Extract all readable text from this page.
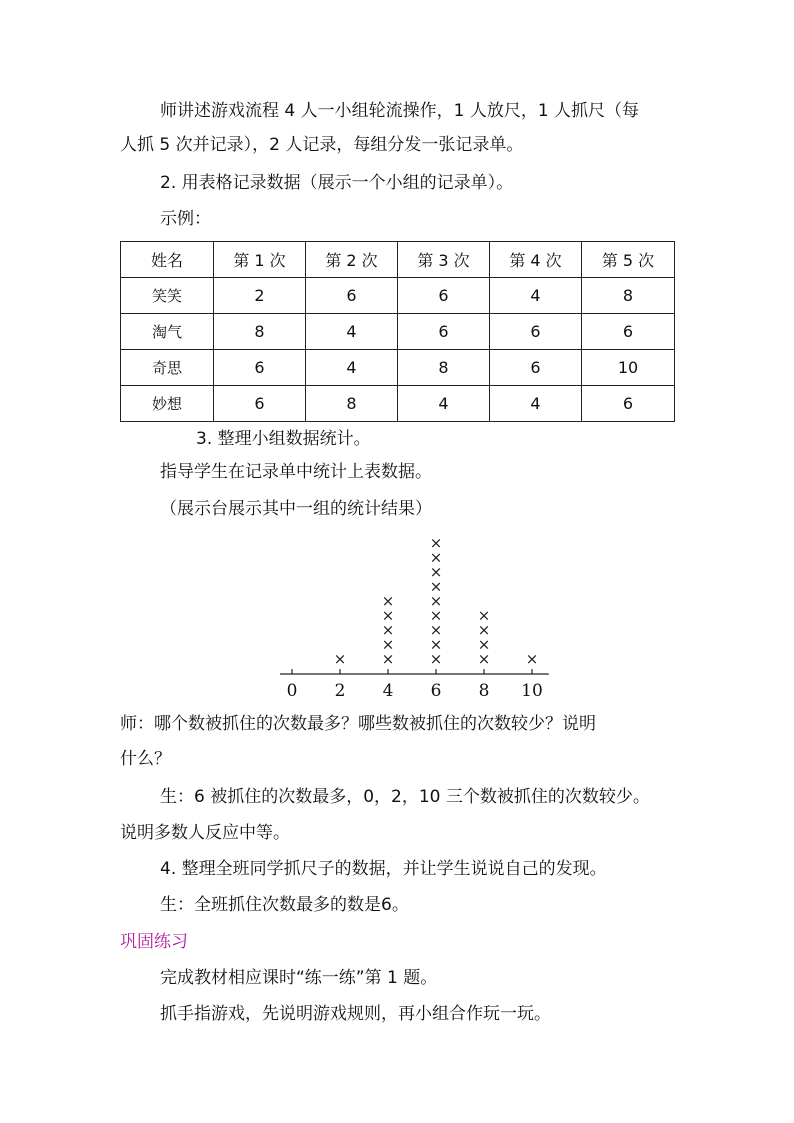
师讲述游戏流程 4 人一小组轮流操作，1 人放尺，1 人抓尺（每
人抓 5 次并记录），2 人记录，每组分发一张记录单。
2. 用表格记录数据（展示一个小组的记录单）。
示例：
姓名	第 1 次	第 2 次	第 3 次	第 4 次	第 5 次
笑笑	2	6	6	4	8
淘气	8	4	6	6	6
奇思	6	4	8	6	10
妙想	6	8	4	4	6
3. 整理小组数据统计。
指导学生在记录单中统计上表数据。
（展示台展示其中一组的统计结果）
0 2
×
4
×
×
×
×
×
6
×
×
×
×
×
×
×
×
×
8
×
×
×
×
10
×
师：哪个数被抓住的次数最多？哪些数被抓住的次数较少？说明
什么？
生：6 被抓住的次数最多，0，2，10 三个数被抓住的次数较少。
说明多数人反应中等。
4. 整理全班同学抓尺子的数据，并让学生说说自己的发现。
生：全班抓住次数最多的数是6。
巩固练习
完成教材相应课时“练一练”第 1 题。
抓手指游戏，先说明游戏规则，再小组合作玩一玩。
